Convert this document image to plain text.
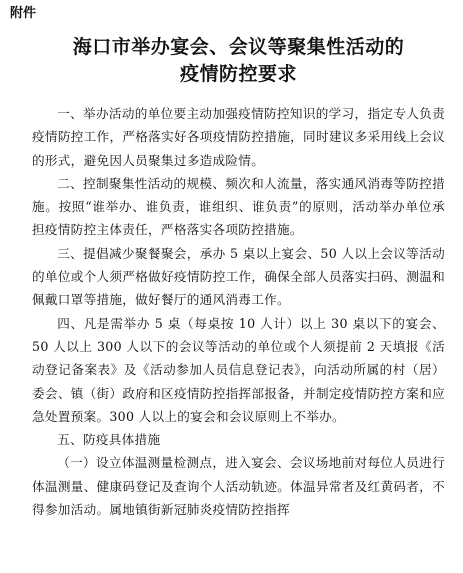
附件
海口市举办宴会、会议等聚集性活动的
疫情防控要求

一、举办活动的单位要主动加强疫情防控知识的学习，指定专人负责疫情防控工作，严格落实好各项疫情防控措施，同时建议多采用线上会议的形式，避免因人员聚集过多造成险情。

二、控制聚集性活动的规模、频次和人流量，落实通风消毒等防控措施。按照“谁举办、谁负责，谁组织、谁负责”的原则，活动举办单位承担疫情防控主体责任，严格落实各项防控措施。

三、提倡减少聚餐聚会，承办 5 桌以上宴会、50 人以上会议等活动的单位或个人须严格做好疫情防控工作，确保全部人员落实扫码、测温和佩戴口罩等措施，做好餐厅的通风消毒工作。

四、凡是需举办 5 桌（每桌按 10 人计）以上 30 桌以下的宴会、50 人以上 300 人以下的会议等活动的单位或个人须提前 2 天填报《活动登记备案表》及《活动参加人员信息登记表》，向活动所属的村（居）委会、镇（街）政府和区疫情防控指挥部报备，并制定疫情防控方案和应急处置预案。300 人以上的宴会和会议原则上不举办。

五、防疫具体措施

（一）设立体温测量检测点，进入宴会、会议场地前对每位人员进行体温测量、健康码登记及查询个人活动轨迹。体温异常者及红黄码者，不得参加活动。属地镇街新冠肺炎疫情防控指挥
